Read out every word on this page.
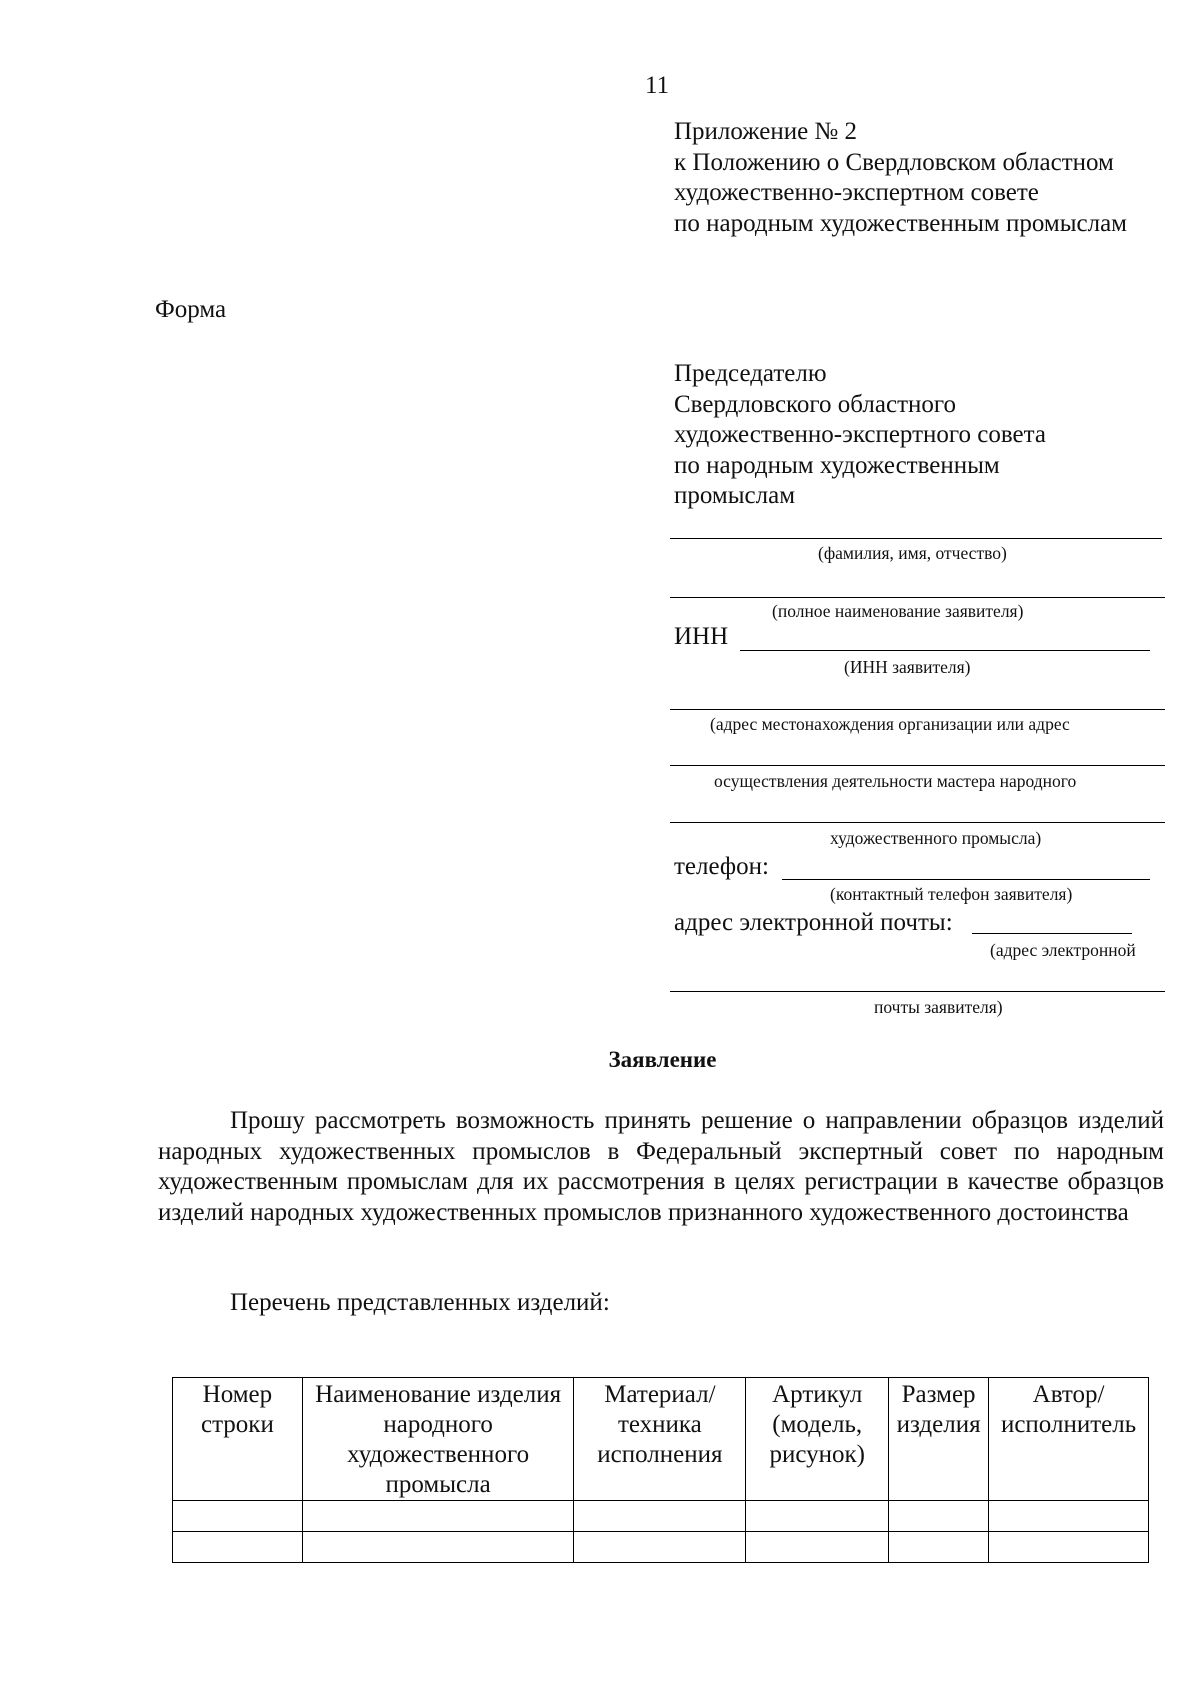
11
Приложение № 2
к Положению о Свердловском областном
художественно-экспертном совете
по народным художественным промыслам
Форма
Председателю
Свердловского областного
художественно-экспертного совета
по народным художественным
промыслам
(фамилия, имя, отчество)
(полное наименование заявителя)
ИНН
(ИНН заявителя)
(адрес местонахождения организации или адрес
осуществления деятельности мастера народного
художественного промысла)
телефон:
(контактный телефон заявителя)
адрес электронной почты:
(адрес электронной
почты заявителя)
Заявление
Прошу рассмотреть возможность принять решение о направлении образцов изделий народных художественных промыслов в Федеральный экспертный совет по народным художественным промыслам для их рассмотрения в целях регистрации в качестве образцов изделий народных художественных промыслов признанного художественного достоинства
Перечень представленных изделий:
Номер строки	Наименование изделия народного художественного промысла	Материал/ техника исполнения	Артикул (модель, рисунок)	Размер изделия	Автор/ исполнитель
